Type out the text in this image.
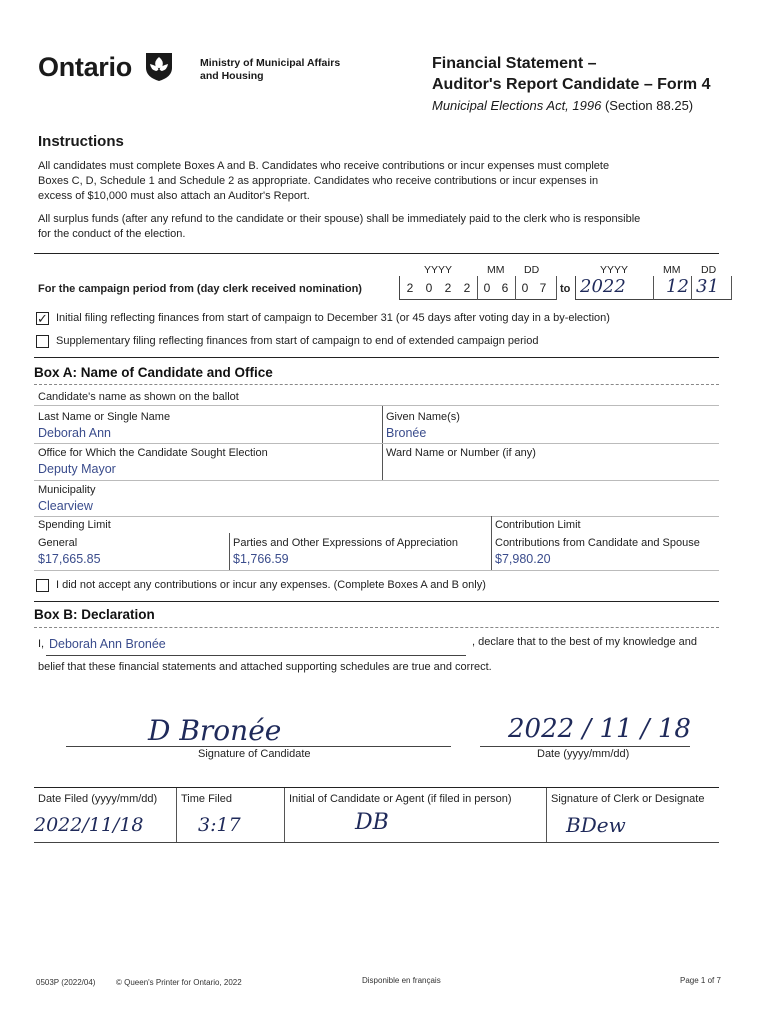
Ontario	Ministry of Municipal Affairs
and Housing
Financial Statement –
Auditor's Report Candidate – Form 4
Municipal Elections Act, 1996 (Section 88.25)
Instructions
All candidates must complete Boxes A and B. Candidates who receive contributions or incur expenses must complete
Boxes C, D, Schedule 1 and Schedule 2 as appropriate. Candidates who receive contributions or incur expenses in
excess of $10,000 must also attach an Auditor's Report.
All surplus funds (after any refund to the candidate or their spouse) shall be immediately paid to the clerk who is responsible
for the conduct of the election.
YYYY	MM DD	YYYY	MM DD
For the campaign period from (day clerk received nomination)	2	0	2	2	0 6	0 7	to 2022 12 31
✓ Initial filing reflecting finances from start of campaign to December 31 (or 45 days after voting day in a by-election)
Supplementary filing reflecting finances from start of campaign to end of extended campaign period
Box A: Name of Candidate and Office
Candidate's name as shown on the ballot
Last Name or Single Name
Deborah Ann
Given Name(s)
Bronée
Office for Which the Candidate Sought Election
Deputy Mayor
Ward Name or Number (if any)
Municipality
Clearview
Spending Limit
General
$17,665.85
Parties and Other Expressions of Appreciation
$1,766.59
Contribution Limit
Contributions from Candidate and Spouse
$7,980.20
I did not accept any contributions or incur any expenses. (Complete Boxes A and B only)
Box B: Declaration
I, Deborah Ann Bronée	, declare that to the best of my knowledge and
belief that these financial statements and attached supporting schedules are true and correct.
D Bronée
Signature of Candidate
2022 / 11 / 18
Date (yyyy/mm/dd)
Date Filed (yyyy/mm/dd)
2022/11/18
Time Filed
3:17
Initial of Candidate or Agent (if filed in person)
DB
Signature of Clerk or Designate
BDew
0503P (2022/04)	© Queen's Printer for Ontario, 2022	Disponible en français	Page 1 of 7
